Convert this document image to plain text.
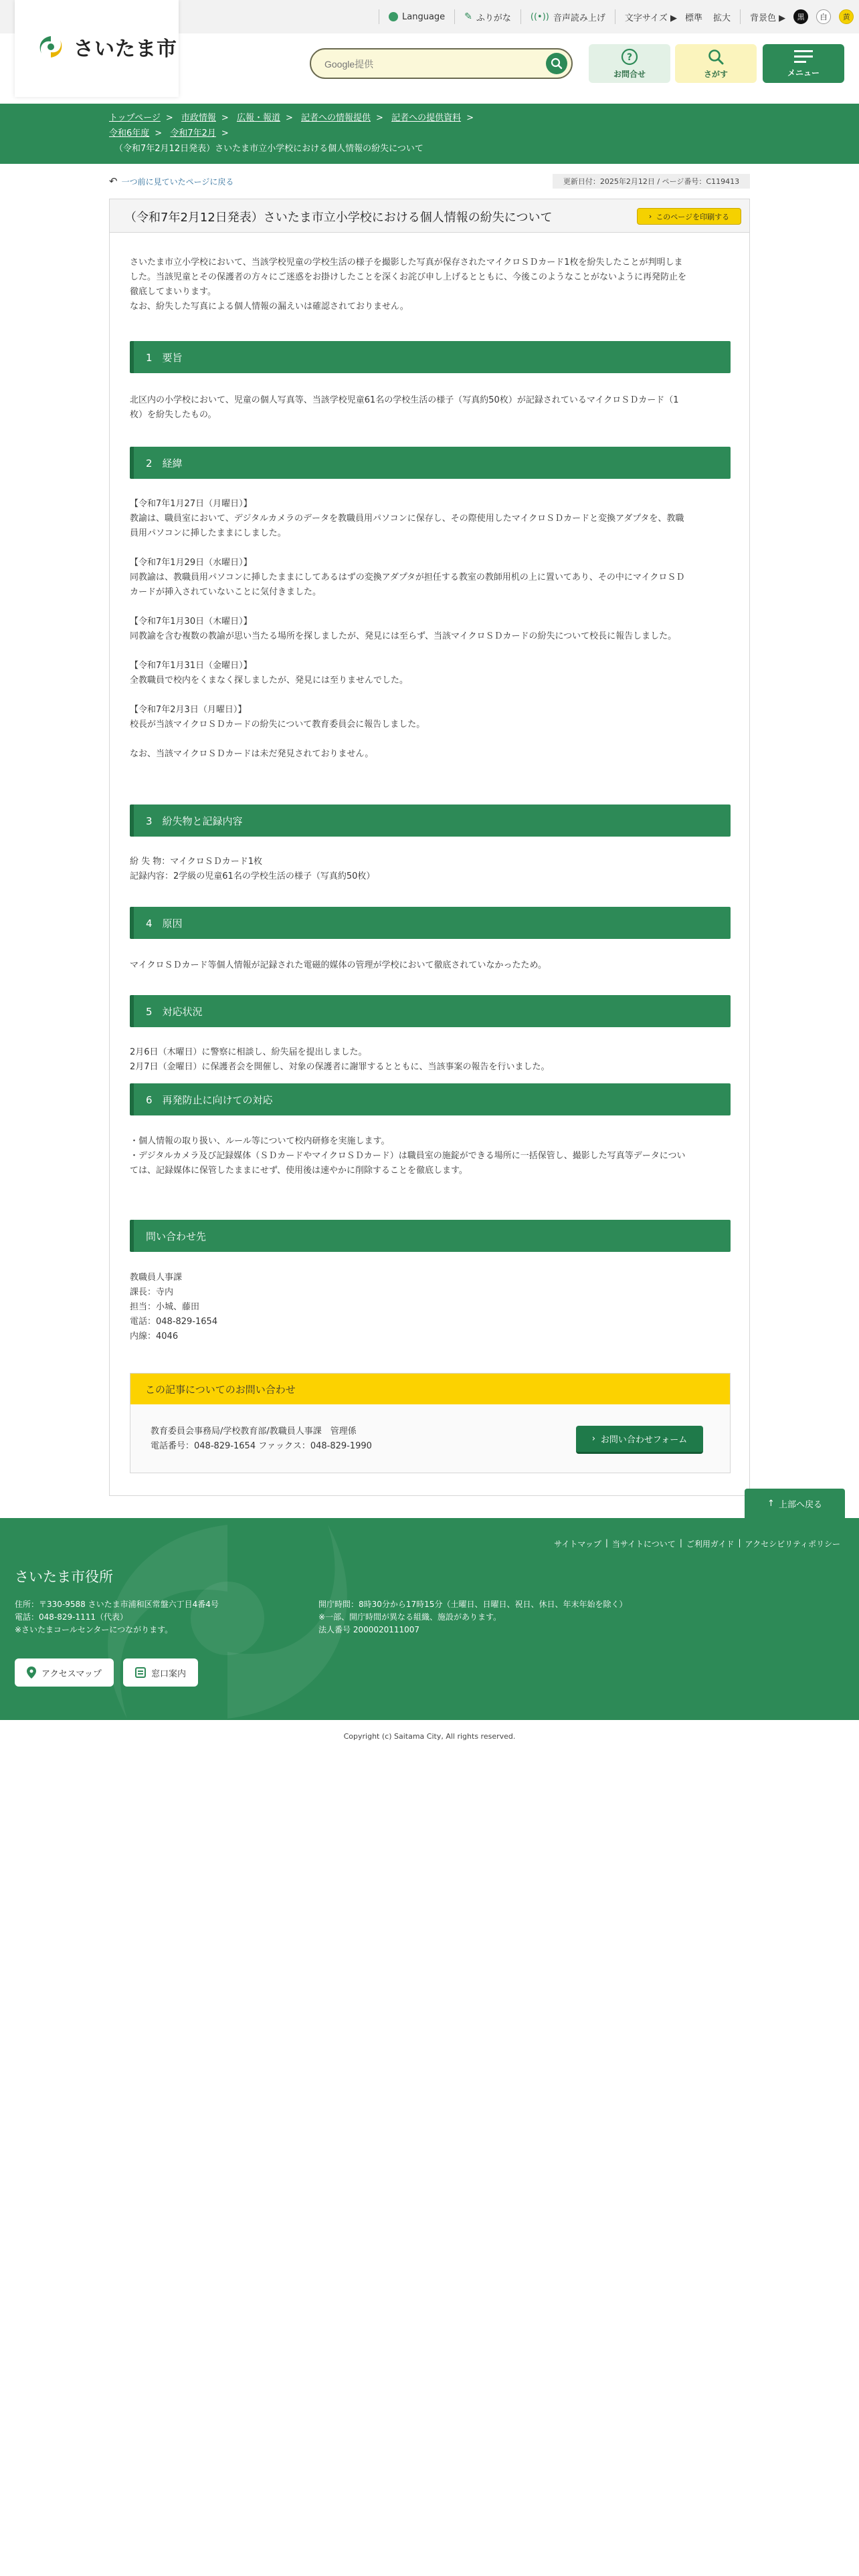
Language ✎ ふりがな ((•)) 音声読み上げ 文字サイズ ▶ 標準 拡大 背景色 ▶	黒	白	黄
さいたま市
Google提供	?
お問合せ	さがす	メニュー
トップページ > 市政情報 > 広報・報道 > 記者への情報提供 > 記者への提供資料 >
令和6年度 > 令和7年2月 >
（令和7年2月12日発表）さいたま市立小学校における個人情報の紛失について
↶ 一つ前に見ていたページに戻る	更新日付：2025年2月12日 / ページ番号：C119413
（令和7年2月12日発表）さいたま市立小学校における個人情報の紛失について	› このページを印刷する
さいたま市立小学校において、当該学校児童の学校生活の様子を撮影した写真が保存されたマイクロＳＤカード1枚を紛失したことが判明しま
した。当該児童とその保護者の方々にご迷惑をお掛けしたことを深くお詫び申し上げるとともに、今後このようなことがないように再発防止を
徹底してまいります。
なお、紛失した写真による個人情報の漏えいは確認されておりません。
1　要旨
北区内の小学校において、児童の個人写真等、当該学校児童61名の学校生活の様子（写真約50枚）が記録されているマイクロＳＤカード（1
枚）を紛失したもの。
2　経緯
【令和7年1月27日（月曜日）】
教諭は、職員室において、デジタルカメラのデータを教職員用パソコンに保存し、その際使用したマイクロＳＤカードと変換アダプタを、教職
員用パソコンに挿したままにしました。
【令和7年1月29日（水曜日）】
同教諭は、教職員用パソコンに挿したままにしてあるはずの変換アダプタが担任する教室の教師用机の上に置いてあり、その中にマイクロＳＤ
カードが挿入されていないことに気付きました。
【令和7年1月30日（木曜日）】
同教諭を含む複数の教諭が思い当たる場所を探しましたが、発見には至らず、当該マイクロＳＤカードの紛失について校長に報告しました。
【令和7年1月31日（金曜日）】
全教職員で校内をくまなく探しましたが、発見には至りませんでした。
【令和7年2月3日（月曜日）】
校長が当該マイクロＳＤカードの紛失について教育委員会に報告しました。
なお、当該マイクロＳＤカードは未だ発見されておりません。
3　紛失物と記録内容
紛 失 物：マイクロＳＤカード1枚
記録内容：2学級の児童61名の学校生活の様子（写真約50枚）
4　原因
マイクロＳＤカード等個人情報が記録された電磁的媒体の管理が学校において徹底されていなかったため。
5　対応状況
2月6日（木曜日）に警察に相談し、紛失届を提出しました。
2月7日（金曜日）に保護者会を開催し、対象の保護者に謝罪するとともに、当該事案の報告を行いました。
6　再発防止に向けての対応
・個人情報の取り扱い、ルール等について校内研修を実施します。
・デジタルカメラ及び記録媒体（ＳＤカードやマイクロＳＤカード）は職員室の施錠ができる場所に一括保管し、撮影した写真等データについ
ては、記録媒体に保管したままにせず、使用後は速やかに削除することを徹底します。
問い合わせ先
教職員人事課
課長：寺内
担当：小城、藤田
電話：048-829-1654
内線：4046
この記事についてのお問い合わせ
教育委員会事務局/学校教育部/教職員人事課　管理係
電話番号：048-829-1654 ファックス：048-829-1990
› お問い合わせフォーム
↑ 上部へ戻る
サイトマップ | 当サイトについて | ご利用ガイド | アクセシビリティポリシー
さいたま市役所
住所：〒330-9588 さいたま市浦和区常盤六丁目4番4号
電話：048-829-1111（代表）
※さいたまコールセンターにつながります。
開庁時間：8時30分から17時15分（土曜日、日曜日、祝日、休日、年末年始を除く）
※一部、開庁時間が異なる組織、施設があります。
法人番号 2000020111007
アクセスマップ	窓口案内
Copyright (c) Saitama City, All rights reserved.
